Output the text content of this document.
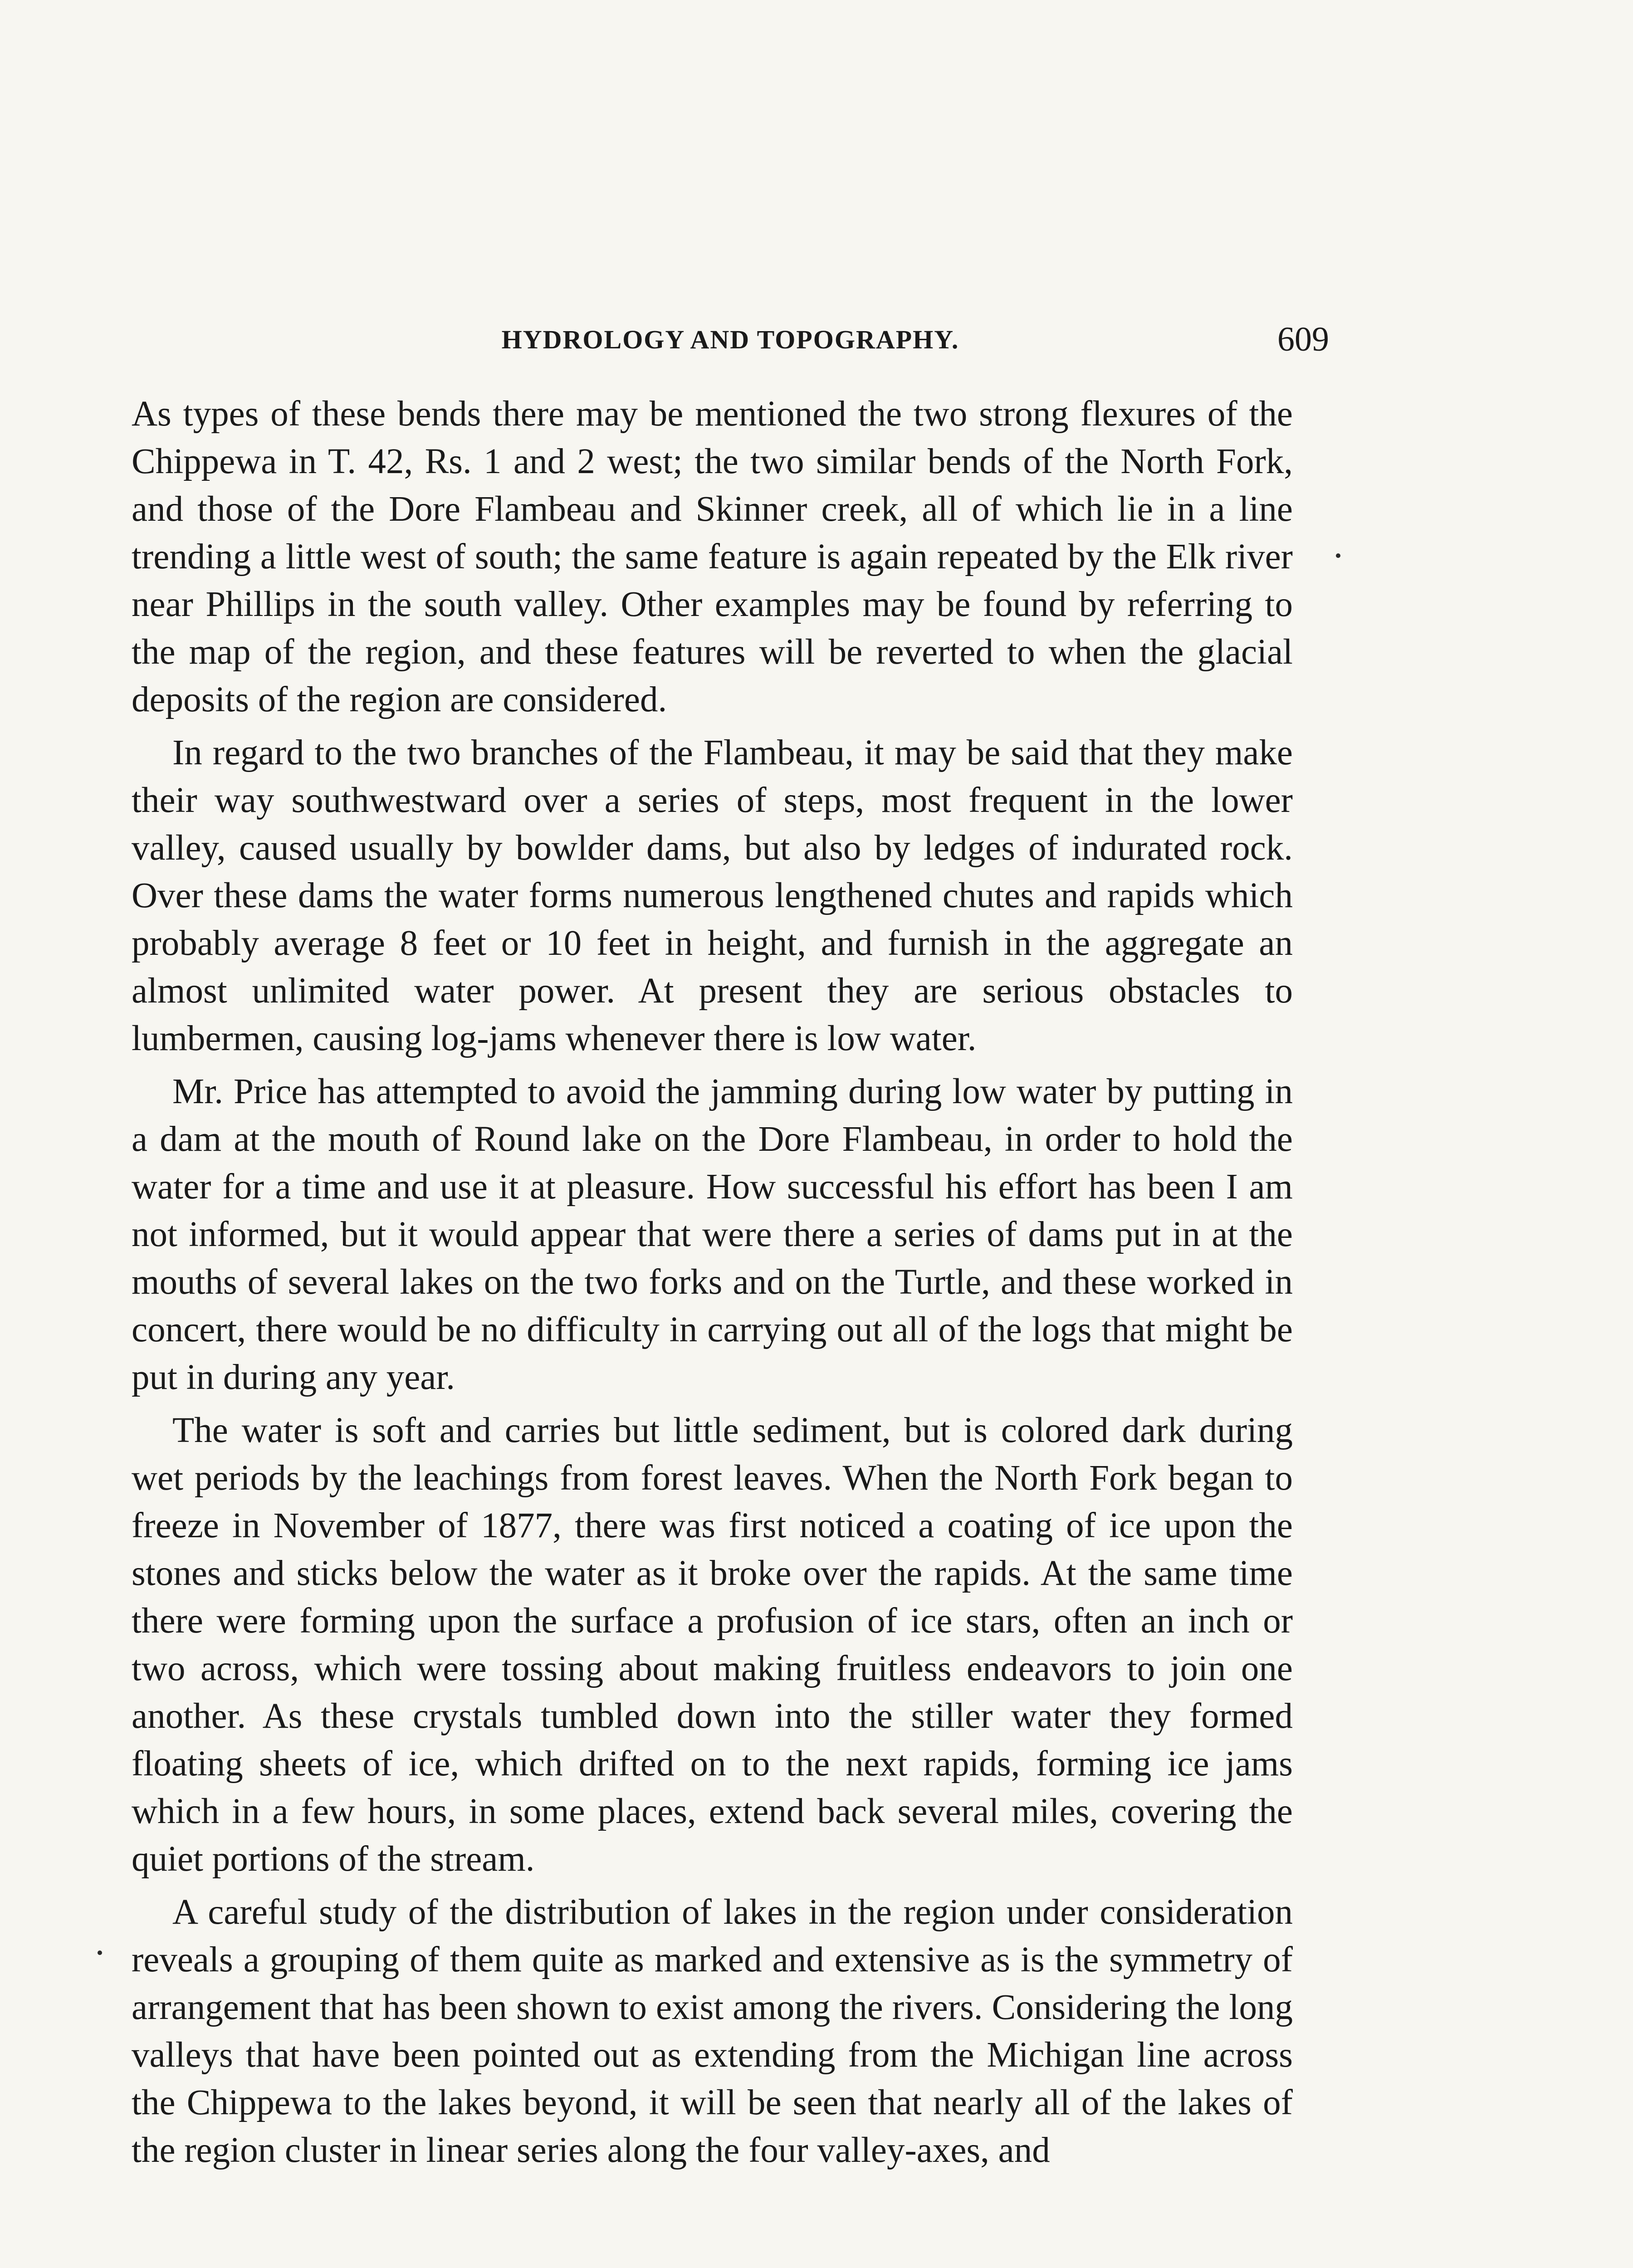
HYDROLOGY AND TOPOGRAPHY.	609

As types of these bends there may be mentioned the two strong flexures of the Chippewa in T. 42, Rs. 1 and 2 west; the two similar bends of the North Fork, and those of the Dore Flambeau and Skinner creek, all of which lie in a line trending a little west of south; the same feature is again repeated by the Elk river near Phillips in the south valley. Other examples may be found by referring to the map of the region, and these features will be reverted to when the glacial deposits of the region are considered.

In regard to the two branches of the Flambeau, it may be said that they make their way southwestward over a series of steps, most frequent in the lower valley, caused usually by bowlder dams, but also by ledges of indurated rock. Over these dams the water forms numerous lengthened chutes and rapids which probably average 8 feet or 10 feet in height, and furnish in the aggregate an almost unlimited water power. At present they are serious obstacles to lumbermen, causing log-jams whenever there is low water.

Mr. Price has attempted to avoid the jamming during low water by putting in a dam at the mouth of Round lake on the Dore Flambeau, in order to hold the water for a time and use it at pleasure. How successful his effort has been I am not informed, but it would appear that were there a series of dams put in at the mouths of several lakes on the two forks and on the Turtle, and these worked in concert, there would be no difficulty in carrying out all of the logs that might be put in during any year.

The water is soft and carries but little sediment, but is colored dark during wet periods by the leachings from forest leaves. When the North Fork began to freeze in November of 1877, there was first noticed a coating of ice upon the stones and sticks below the water as it broke over the rapids. At the same time there were forming upon the surface a profusion of ice stars, often an inch or two across, which were tossing about making fruitless endeavors to join one another. As these crystals tumbled down into the stiller water they formed floating sheets of ice, which drifted on to the next rapids, forming ice jams which in a few hours, in some places, extend back several miles, covering the quiet portions of the stream.

A careful study of the distribution of lakes in the region under consideration reveals a grouping of them quite as marked and extensive as is the symmetry of arrangement that has been shown to exist among the rivers. Considering the long valleys that have been pointed out as extending from the Michigan line across the Chippewa to the lakes beyond, it will be seen that nearly all of the lakes of the region cluster in linear series along the four valley-axes, and
